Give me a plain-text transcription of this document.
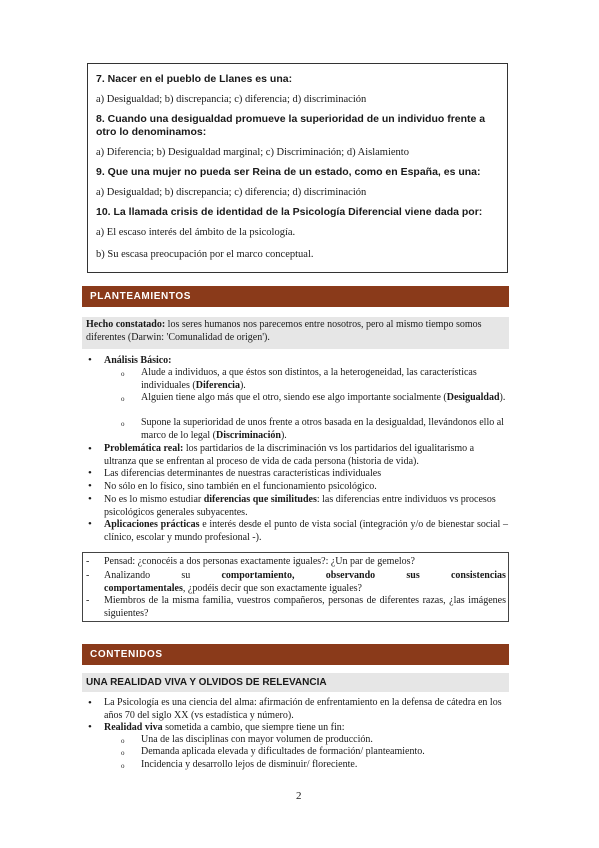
7. Nacer en el pueblo de Llanes es una:
a) Desigualdad; b) discrepancia; c) diferencia; d) discriminación
8. Cuando una desigualdad promueve la superioridad de un individuo frente a otro lo denominamos:
a) Diferencia; b) Desigualdad marginal; c) Discriminación; d) Aislamiento
9. Que una mujer no pueda ser Reina de un estado, como en España, es una:
a) Desigualdad; b) discrepancia; c) diferencia; d) discriminación
10. La llamada crisis de identidad de la Psicología Diferencial viene dada por:
a) El escaso interés del ámbito de la psicología.
b) Su escasa preocupación por el marco conceptual.
PLANTEAMIENTOS
Hecho constatado: los seres humanos nos parecemos entre nosotros, pero al mismo tiempo somos diferentes (Darwin: 'Comunalidad de origen').
• Análisis Básico:
o Alude a individuos, a que éstos son distintos, a la heterogeneidad, las características individuales (Diferencia).
o Alguien tiene algo más que el otro, siendo ese algo importante socialmente (Desigualdad).
o Supone la superioridad de unos frente a otros basada en la desigualdad, llevándonos ello al marco de lo legal (Discriminación).
• Problemática real: los partidarios de la discriminación vs los partidarios del igualitarismo a ultranza que se enfrentan al proceso de vida de cada persona (historia de vida).
• Las diferencias determinantes de nuestras características individuales
• No sólo en lo físico, sino también en el funcionamiento psicológico.
• No es lo mismo estudiar diferencias que similitudes: las diferencias entre individuos vs procesos psicológicos generales subyacentes.
• Aplicaciones prácticas e interés desde el punto de vista social (integración y/o de bienestar social – clínico, escolar y mundo profesional -).
- Pensad: ¿conocéis a dos personas exactamente iguales?: ¿Un par de gemelos?
- Analizando	su	comportamiento,	observando	sus	consistencias
comportamentales, ¿podéis decir que son exactamente iguales?
- Miembros de la misma familia, vuestros compañeros, personas de diferentes razas, ¿las imágenes siguientes?
CONTENIDOS
UNA REALIDAD VIVA Y OLVIDOS DE RELEVANCIA
• La Psicología es una ciencia del alma: afirmación de enfrentamiento en la defensa de cátedra en los años 70 del siglo XX (vs estadística y número).
• Realidad viva sometida a cambio, que siempre tiene un fin:
o Una de las disciplinas con mayor volumen de producción.
o Demanda aplicada elevada y dificultades de formación/ planteamiento.
o Incidencia y desarrollo lejos de disminuir/ floreciente.
2
